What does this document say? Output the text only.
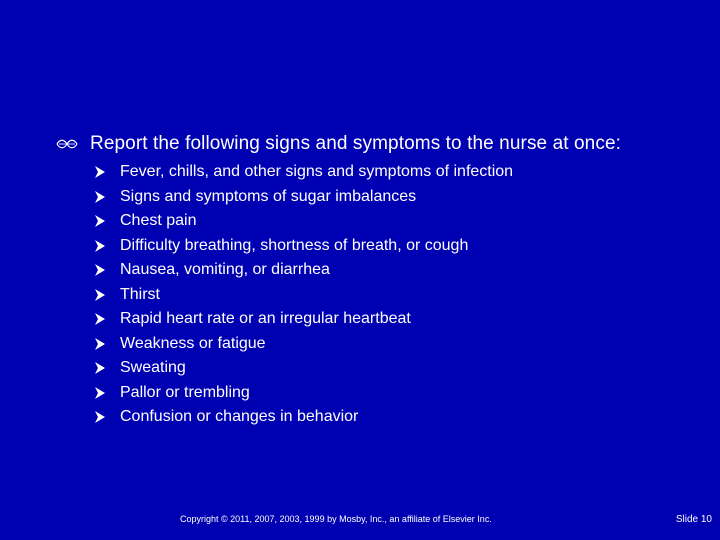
Report the following signs and symptoms to the nurse at once:
Fever, chills, and other signs and symptoms of infection
Signs and symptoms of sugar imbalances
Chest pain
Difficulty breathing, shortness of breath, or cough
Nausea, vomiting, or diarrhea
Thirst
Rapid heart rate or an irregular heartbeat
Weakness or fatigue
Sweating
Pallor or trembling
Confusion or changes in behavior
Copyright © 2011, 2007, 2003, 1999 by Mosby, Inc., an affiliate of Elsevier Inc.	Slide 10
